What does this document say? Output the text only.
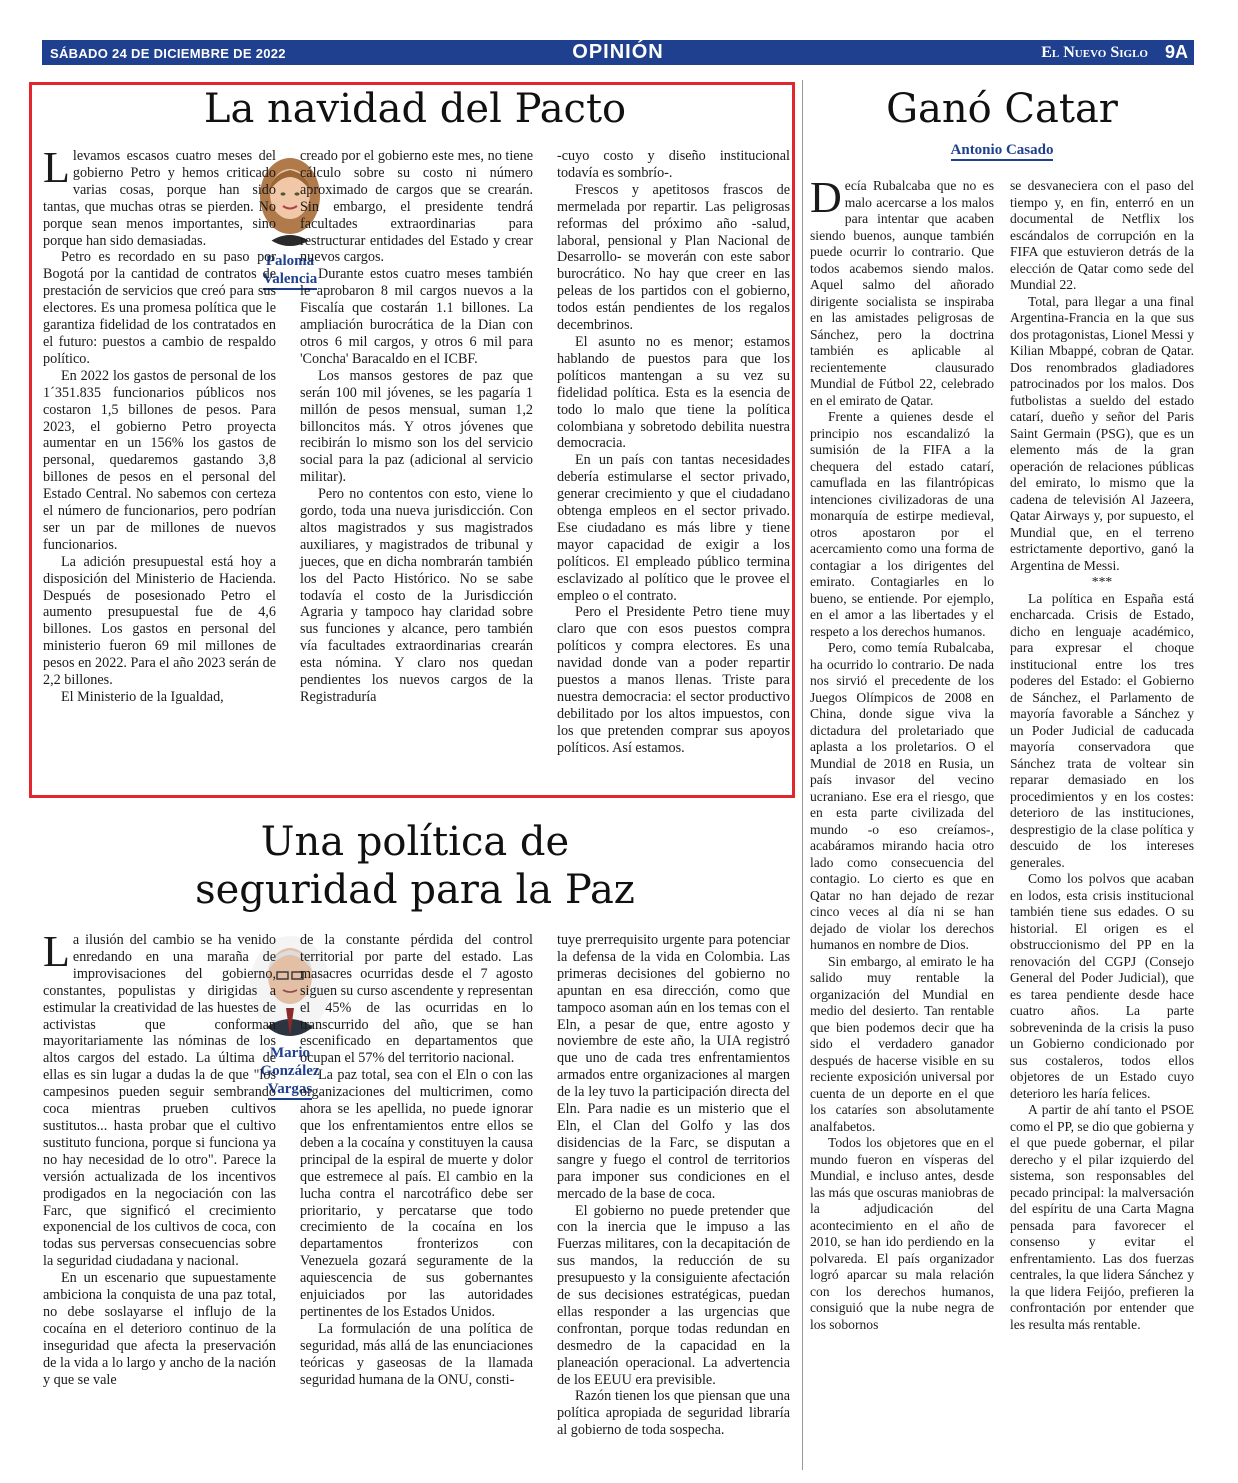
SÁBADO 24 DE DICIEMBRE DE 2022	OPINIÓN	El Nuevo Siglo 9A
La navidad del Pacto
Paloma
Valencia

Llevamos escasos cuatro meses del gobierno Petro y hemos criticado varias cosas, porque han sido tantas, que muchas otras se pierden. No porque sean menos importantes, sino porque han sido demasiadas.

Petro es recordado en su paso por Bogotá por la cantidad de contratos de prestación de servicios que creó para sus electores. Es una promesa política que le garantiza fidelidad de los contratados en el futuro: puestos a cambio de respaldo político.

En 2022 los gastos de personal de los 1´351.835 funcionarios públicos nos costaron 1,5 billones de pesos. Para 2023, el gobierno Petro proyecta aumentar en un 156% los gastos de personal, quedaremos gastando 3,8 billones de pesos en el personal del Estado Central. No sabemos con certeza el número de funcionarios, pero podrían ser un par de millones de nuevos funcionarios.

La adición presupuestal está hoy a disposición del Ministerio de Hacienda. Después de posesionado Petro el aumento presupuestal fue de 4,6 billones. Los gastos en personal del ministerio fueron 69 mil millones de pesos en 2022. Para el año 2023 serán de 2,2 billones.

El Ministerio de la Igualdad,

creado por el gobierno este mes, no tiene cálculo sobre su costo ni número aproximado de cargos que se crearán. Sin embargo, el presidente tendrá facultades extraordinarias para restructurar entidades del Estado y crear nuevos cargos.

Durante estos cuatro meses también le aprobaron 8 mil cargos nuevos a la Fiscalía que costarán 1.1 billones. La ampliación burocrática de la Dian con otros 6 mil cargos, y otros 6 mil para 'Concha' Baracaldo en el ICBF.

Los mansos gestores de paz que serán 100 mil jóvenes, se les pagaría 1 millón de pesos mensual, suman 1,2 billoncitos más. Y otros jóvenes que recibirán lo mismo son los del servicio social para la paz (adicional al servicio militar).

Pero no contentos con esto, viene lo gordo, toda una nueva jurisdicción. Con altos magistrados y sus magistrados auxiliares, y magistrados de tribunal y jueces, que en dicha nombrarán también los del Pacto Histórico. No se sabe todavía el costo de la Jurisdicción Agraria y tampoco hay claridad sobre sus funciones y alcance, pero también vía facultades extraordinarias crearán esta nómina. Y claro nos quedan pendientes los nuevos cargos de la Registraduría

-cuyo costo y diseño institucional todavía es sombrío-.

Frescos y apetitosos frascos de mermelada por repartir. Las peligrosas reformas del próximo año -salud, laboral, pensional y Plan Nacional de Desarrollo- se moverán con este sabor burocrático. No hay que creer en las peleas de los partidos con el gobierno, todos están pendientes de los regalos decembrinos.

El asunto no es menor; estamos hablando de puestos para que los políticos mantengan a su vez su fidelidad política. Esta es la esencia de todo lo malo que tiene la política colombiana y sobretodo debilita nuestra democracia.

En un país con tantas necesidades debería estimularse el sector privado, generar crecimiento y que el ciudadano obtenga empleos en el sector privado. Ese ciudadano es más libre y tiene mayor capacidad de exigir a los políticos. El empleado público termina esclavizado al político que le provee el empleo o el contrato.

Pero el Presidente Petro tiene muy claro que con esos puestos compra políticos y compra electores. Es una navidad donde van a poder repartir puestos a manos llenas. Triste para nuestra democracia: el sector productivo debilitado por los altos impuestos, con los que pretenden comprar sus apoyos políticos. Así estamos.

Una política de
seguridad para la Paz
Mario
González
Vargas

La ilusión del cambio se ha venido enredando en una maraña de improvisaciones del gobierno, constantes, populistas y dirigidas a estimular la creatividad de las huestes de activistas que conforman mayoritariamente las nóminas de los altos cargos del estado. La última de ellas es sin lugar a dudas la de que "los campesinos pueden seguir sembrando coca mientras prueben cultivos sustitutos... hasta probar que el cultivo sustituto funciona, porque si funciona ya no hay necesidad de lo otro". Parece la versión actualizada de los incentivos prodigados en la negociación con las Farc, que significó el crecimiento exponencial de los cultivos de coca, con todas sus perversas consecuencias sobre la seguridad ciudadana y nacional.

En un escenario que supuestamente ambiciona la conquista de una paz total, no debe soslayarse el influjo de la cocaína en el deterioro continuo de la inseguridad que afecta la preservación de la vida a lo largo y ancho de la nación y que se vale

de la constante pérdida del control territorial por parte del estado. Las masacres ocurridas desde el 7 agosto siguen su curso ascendente y representan el 45% de las ocurridas en lo transcurrido del año, que se han escenificado en departamentos que ocupan el 57% del territorio nacional.

La paz total, sea con el Eln o con las organizaciones del multicrimen, como ahora se les apellida, no puede ignorar que los enfrentamientos entre ellos se deben a la cocaína y constituyen la causa principal de la espiral de muerte y dolor que estremece al país. El cambio en la lucha contra el narcotráfico debe ser prioritario, y percatarse que todo crecimiento de la cocaína en los departamentos fronterizos con Venezuela gozará seguramente de la aquiescencia de sus gobernantes enjuiciados por las autoridades pertinentes de los Estados Unidos.

La formulación de una política de seguridad, más allá de las enunciaciones teóricas y gaseosas de la llamada seguridad humana de la ONU, consti-

tuye prerrequisito urgente para potenciar la defensa de la vida en Colombia. Las primeras decisiones del gobierno no apuntan en esa dirección, como que tampoco asoman aún en los temas con el Eln, a pesar de que, entre agosto y noviembre de este año, la UIA registró que uno de cada tres enfrentamientos armados entre organizaciones al margen de la ley tuvo la participación directa del Eln. Para nadie es un misterio que el Eln, el Clan del Golfo y las dos disidencias de la Farc, se disputan a sangre y fuego el control de territorios para imponer sus condiciones en el mercado de la base de coca.

El gobierno no puede pretender que con la inercia que le impuso a las Fuerzas militares, con la decapitación de sus mandos, la reducción de su presupuesto y la consiguiente afectación de sus decisiones estratégicas, puedan ellas responder a las urgencias que confrontan, porque todas redundan en desmedro de la capacidad en la planeación operacional. La advertencia de los EEUU era previsible.

Razón tienen los que piensan que una política apropiada de seguridad libraría al gobierno de toda sospecha.

Ganó Catar
Antonio Casado

Decía Rubalcaba que no es malo acercarse a los malos para intentar que acaben siendo buenos, aunque también puede ocurrir lo contrario. Que todos acabemos siendo malos. Aquel salmo del añorado dirigente socialista se inspiraba en las amistades peligrosas de Sánchez, pero la doctrina también es aplicable al recientemente clausurado Mundial de Fútbol 22, celebrado en el emirato de Qatar.

Frente a quienes desde el principio nos escandalizó la sumisión de la FIFA a la chequera del estado catarí, camuflada en las filantrópicas intenciones civilizadoras de una monarquía de estirpe medieval, otros apostaron por el acercamiento como una forma de contagiar a los dirigentes del emirato. Contagiarles en lo bueno, se entiende. Por ejemplo, en el amor a las libertades y el respeto a los derechos humanos.

Pero, como temía Rubalcaba, ha ocurrido lo contrario. De nada nos sirvió el precedente de los Juegos Olímpicos de 2008 en China, donde sigue viva la dictadura del proletariado que aplasta a los proletarios. O el Mundial de 2018 en Rusia, un país invasor del vecino ucraniano. Ese era el riesgo, que en esta parte civilizada del mundo -o eso creíamos-, acabáramos mirando hacia otro lado como consecuencia del contagio. Lo cierto es que en Qatar no han dejado de rezar cinco veces al día ni se han dejado de violar los derechos humanos en nombre de Dios.

Sin embargo, al emirato le ha salido muy rentable la organización del Mundial en medio del desierto. Tan rentable que bien podemos decir que ha sido el verdadero ganador después de hacerse visible en su reciente exposición universal por cuenta de un deporte en el que los cataríes son absolutamente analfabetos.

Todos los objetores que en el mundo fueron en vísperas del Mundial, e incluso antes, desde las más que oscuras maniobras de la adjudicación del acontecimiento en el año de 2010, se han ido perdiendo en la polvareda. El país organizador logró aparcar su mala relación con los derechos humanos, consiguió que la nube negra de los sobornos

se desvaneciera con el paso del tiempo y, en fin, enterró en un documental de Netflix los escándalos de corrupción en la FIFA que estuvieron detrás de la elección de Qatar como sede del Mundial 22.

Total, para llegar a una final Argentina-Francia en la que sus dos protagonistas, Lionel Messi y Kilian Mbappé, cobran de Qatar. Dos renombrados gladiadores patrocinados por los malos. Dos futbolistas a sueldo del estado catarí, dueño y señor del Paris Saint Germain (PSG), que es un elemento más de la gran operación de relaciones públicas del emirato, lo mismo que la cadena de televisión Al Jazeera, Qatar Airways y, por supuesto, el Mundial que, en el terreno estrictamente deportivo, ganó la Argentina de Messi.

***

La política en España está encharcada. Crisis de Estado, dicho en lenguaje académico, para expresar el choque institucional entre los tres poderes del Estado: el Gobierno de Sánchez, el Parlamento de mayoría favorable a Sánchez y un Poder Judicial de caducada mayoría conservadora que Sánchez trata de voltear sin reparar demasiado en los procedimientos y en los costes: deterioro de las instituciones, desprestigio de la clase política y descuido de los intereses generales.

Como los polvos que acaban en lodos, esta crisis institucional también tiene sus edades. O su historial. El origen es el obstruccionismo del PP en la renovación del CGPJ (Consejo General del Poder Judicial), que es tarea pendiente desde hace cuatro años. La parte sobreveninda de la crisis la puso un Gobierno condicionado por sus costaleros, todos ellos objetores de un Estado cuyo deterioro les haría felices.

A partir de ahí tanto el PSOE como el PP, se dio que gobierna y el que puede gobernar, el pilar derecho y el pilar izquierdo del sistema, son responsables del pecado principal: la malversación del espíritu de una Carta Magna pensada para favorecer el consenso y evitar el enfrentamiento. Las dos fuerzas centrales, la que lidera Sánchez y la que lidera Feijóo, prefieren la confrontación por entender que les resulta más rentable.
